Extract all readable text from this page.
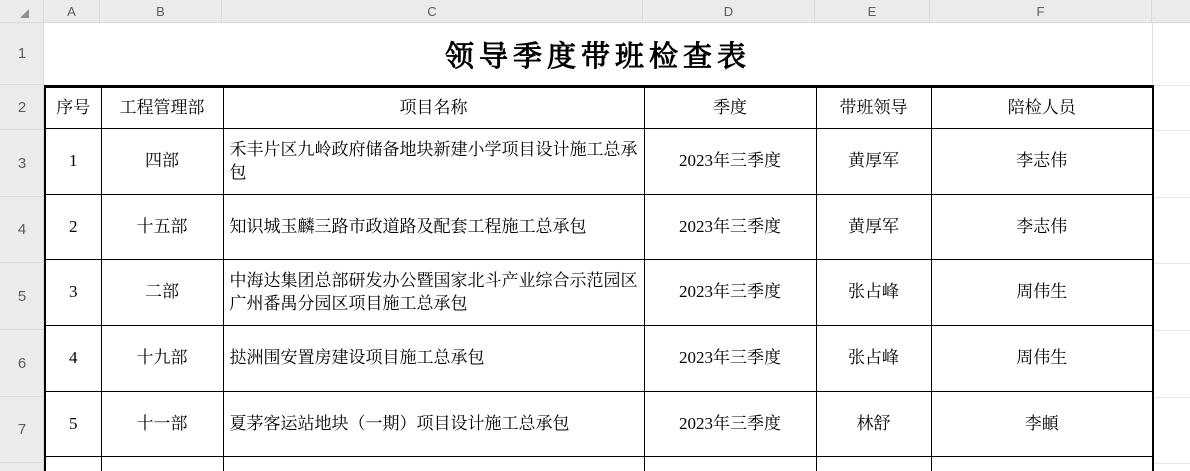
A	B	C	D	E	F
1
2
3
4
5
6
7
领导季度带班检查表
序号	工程管理部	项目名称	季度	带班领导	陪检人员
1	四部	禾丰片区九岭政府储备地块新建小学项目设计施工总承包	2023年三季度	黄厚军	李志伟
2	十五部	知识城玉麟三路市政道路及配套工程施工总承包	2023年三季度	黄厚军	李志伟
3	二部	中海达集团总部研发办公暨国家北斗产业综合示范园区广州番禺分园区项目施工总承包	2023年三季度	张占峰	周伟生
4	十九部	挞洲围安置房建设项目施工总承包	2023年三季度	张占峰	周伟生
5	十一部	夏茅客运站地块（一期）项目设计施工总承包	2023年三季度	林舒	李頔
